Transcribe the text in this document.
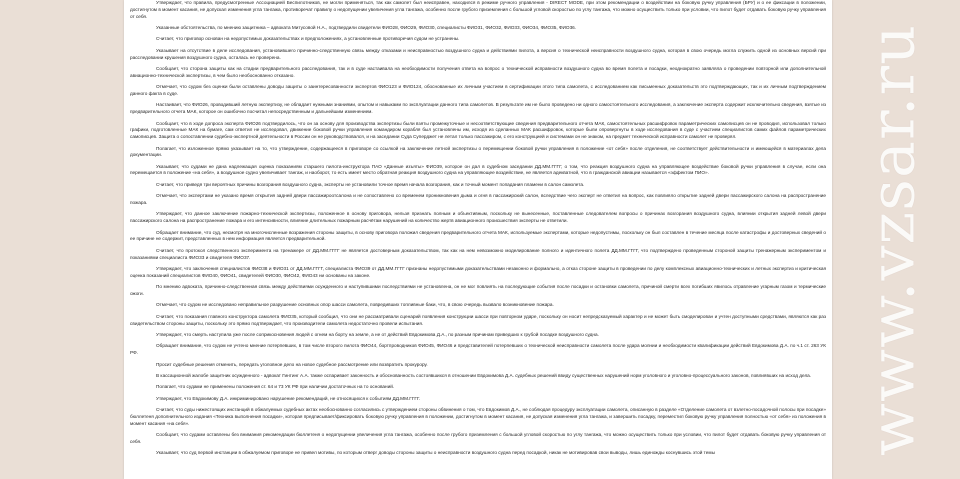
Утверждает, что правила, предусмотренные Ассоциацией Беспилотников, не могли применяться, так как самолет был неисправен, находился в режиме ручного управления - DIRECT MODE, при этом рекомендации о воздействии на боковую ручку управления (БРУ) и о ее фиксации в положении, достигнутом в момент касания, не допускал изменения угла тангажа, противоречат правилу о недопущении увеличения угла тангажа, особенно после грубого приземления с большой угловой скоростью по углу тангажа, что можно осуществить только при условии, что пилот будет отдавать боковую ручку управления от себя.

Указанные обстоятельства, по мнению защитника – адвоката Митусовой Н.А., подтвердили свидетели ФИО28, ФИО29, ФИО30, специалисты ФИО31, ФИО32, ФИО33, ФИО34, ФИО35, ФИО36.

Считает, что приговор основан на недопустимых доказательствах и предположениях, а установленные противоречия судом не устранены.

Указывает на отсутствие в деле исследования, установившего причинно-следственную связь между отказами и неисправностью воздушного судна и действиями пилота, а версия о технической неисправности воздушного судна, которая в свою очередь могла служить одной из основных версий при расследовании крушения воздушного судна, осталась не проверена.

Сообщает, что сторона защиты как на стадии предварительного расследования, так и в суде настаивала на необходимости получения ответа на вопрос о технической исправности воздушного судна во время полета и посадки, неоднократно заявляла о проведении повторной или дополнительной авиационно-технической экспертизы, в чем было необоснованно отказано.

Отмечает, что судом без оценки были оставлены доводы защиты о заинтересованности экспертов ФИО123 и ФИО124, обоснованные их личным участием в сертификации этого типа самолета, с исследованием как письменных доказательств это подтверждающих, так и их личным подтверждением данного факта в суде.

Настаивает, что ФИО26, проводивший летную экспертизу, не обладает нужными знаниями, опытом и навыками по эксплуатации данного типа самолетов. В результате им не было проведено ни одного самостоятельного исследования, а заключение эксперта содержит исключительно сведения, взятые из предварительного отчета МАК, которое он ошибочно посчитал непосредственным и дальнейшим изменением.

Сообщает, что в ходе допроса эксперта ФИО26 подтвердилось, что он за основу для производства экспертизы были взяты промежуточные и несоответствующие сведения предварительного отчета МАК, самостоятельных расшифровок параметрических самописцев он не проводил, использовал только графики, подготовленные МАК на бумаге, сам ответил не исследовал, движение боковой ручки управления командиром корабля был установлены им, исходя из сделанных МАК расшифровок, которые были опровергнуты в ходе исследования в суде с участием специалистов самих файлов параметрических самописцев. Защита о сопоставлении судебно-экспертной деятельности в России он не руководствовался, и на заседании Суда Суперджет не летал только пассажиром, с его конструкцией и системами он не знаком, на предмет технической исправности самолет не проверял.

Полагает, что изложенное прямо указывает на то, что утверждение, содержащееся в приговоре со ссылкой на заключение летной экспертизы о перемещении боковой ручки управления в положение «от себя» после отделения, не соответствует действительности и имеющейся в материалах дела документации.

Указывает, что судами не дана надлежащая оценка показаниям старшего пилота-инструктора ПАО «Данные изъяты» ФИО39, которое он дал в судебном заседании ДД.ММ.ГГГГ, о том, что реакция воздушного судна на управляющее воздействие боковой ручки управления в случае, если она перемещается в положение «на себя», а воздушное судно увеличивает тангаж, и наоборот, то есть имеет место обратная реакция воздушного судна на управляющее воздействие, не является адекватной, что в гражданской авиации называется «эффектом ПИО».

Считает, что приведя три вероятных причины возгорания воздушного судна, эксперты не установили точное время начала возгорания, как и точный момент попадания пламени в салон самолета.

Отмечает, что экспертами не указано время открытия задней двери пассажироотсалона и не сопоставлено со временем проникновения дыма и огня в пассажирский салон, вследствие чего эксперт не ответил на вопрос, как повлияло открытие задней двери пассажирского салона на распространение пожара.

Утверждает, что данное заключение пожарно-технической экспертизы, положенное в основу приговора, нельзя признать полным и объективным, поскольку не вынесенные, поставленные следователем вопросы о причинах возгорания воздушного судна, влиянии открытия задней левой двери пассажирского салона на распространение пожара и его интенсивности, влияние длительных пожарным расчётам нарушений на количество жертв авиационного происшествия эксперты не ответили.

Обращает внимание, что суд, несмотря на многочисленные возражения стороны защиты, в основу приговора положил сведения предварительного отчета МАК, используемые экспертами, которые недопустимы, поскольку он был составлен в течение месяца после катастрофы и достоверных сведений о ее причине не содержит, представленных в нем информация является предварительной.

Считает, что протокол следственного эксперимента на тренажере от ДД.ММ.ГГГГ не является достоверным доказательством, так как на нем невозможно моделирование полного и идентичного полета ДД.ММ.ГГГГ, что подтверждено проведенным стороной защиты тренажерным экспериментом и показаниями специалиста ФИО33 и свидетеля ФИО37.

Утверждает, что заключения специалистов ФИО38 и ФИО31 от ДД.ММ.ГГГГ, специалиста ФИО39 от ДД.ММ.ГГГГ признаны недопустимыми доказательствами незаконно и формально, а отказ стороне защиты в проведении по делу комплексных авиационно-технических и летных экспертиз и критическая оценка показаний специалистов ФИО40, ФИО41, свидетелей ФИО30, ФИО42, ФИО43 ни основаны на законе.

По мнению адвоката, причинно-следственная связь между действиями осужденного и наступившими последствиями не установлена, он не мог повлиять на последующие события после посадки и остановки самолета, причиной смерти всех погибших явилось отравление угарным газом и термические ожоги.

Отмечает, что судом не исследовано неправильное разрушение основных опор шасси самолета, повредивших топливные баки, что, в свою очередь вызвало возникновение пожара.

Считает, что показания главного конструктора самолета ФИО35, который сообщил, что они не рассматривали сценарий появления конструкции шасси при повторном ударе, поскольку он носит непредсказуемый характер и не может быть смоделирован и учтен доступными средствами, являются как раз свидетельством стороны защиты, поскольку это прямо подтверждает, что производители самолета недостаточно провели испытания.

Утверждает, что смерть наступила уже после соприкосновения людей с огнем на борту на земле, а не от действий Евдокимова Д.А., по разным причинам приведших к грубой посадке воздушного судна.

Обращает внимание, что судом не учтено мнение потерпевших, в том числе второго пилота ФИО44, бортпроводников ФИО45, ФИО46 и представителей потерпевших о технической неисправности самолета после удара молнии и необходимости квалификации действий Евдокимова Д.А. по ч.1 ст. 263 УК РФ.

Просит судебные решения отменить, передать уголовное дело на новое судебное рассмотрение или возвратить прокурору.

В кассационной жалобе защитник осужденного - адвокат Гинтинг А.А. также оспаривает законность и обоснованность состоявшихся в отношении Евдокимова Д.А. судебных решений ввиду существенных нарушений норм уголовного и уголовно-процессуального законов, повлиявших на исход дела.

Полагает, что судами не применены положения ст. 64 и 73 УК РФ при наличии достаточных на то оснований.

Утверждает, что Евдокимову Д.А. инкриминировано нарушение рекомендаций, не относящихся к событиям ДД.ММ.ГГГГ.

Считает, что суды нижестоящих инстанций в обжалуемых судебных актах необоснованно согласились с утверждением стороны обвинения о том, что Евдокимов Д.А., не соблюдая процедуру эксплуатации самолета, описанную в разделе «Отделение самолета от взлетно-посадочной полосы при посадке» бюллетеня дополнительного издания «Техника выполнения посадки», которая предписывает/фиксировать боковую ручку управления в положении, достигнутом в момент касания, не допуская изменения угла тангажа, и завершить посадку, переместил боковую ручку управления полностью «от себя» из положения в момент касания «на себя».

Сообщает, что судами оставлены без внимания рекомендации бюллетеня о недопущении увеличения угла тангажа, особенно после грубого приземления с большой угловой скоростью по углу тангажа, что можно осуществить только при условии, что пилот будет отдавать боковую ручку управления от себя.

Указывает, что суд первой инстанции в обжалуемом приговоре не привел мотивы, по которым отверг доводы стороны защиты о неисправности воздушного судна перед посадкой, никак не мотивировав свои выводы, лишь единожды коснувшись этой темы	www.vzsar.ru
